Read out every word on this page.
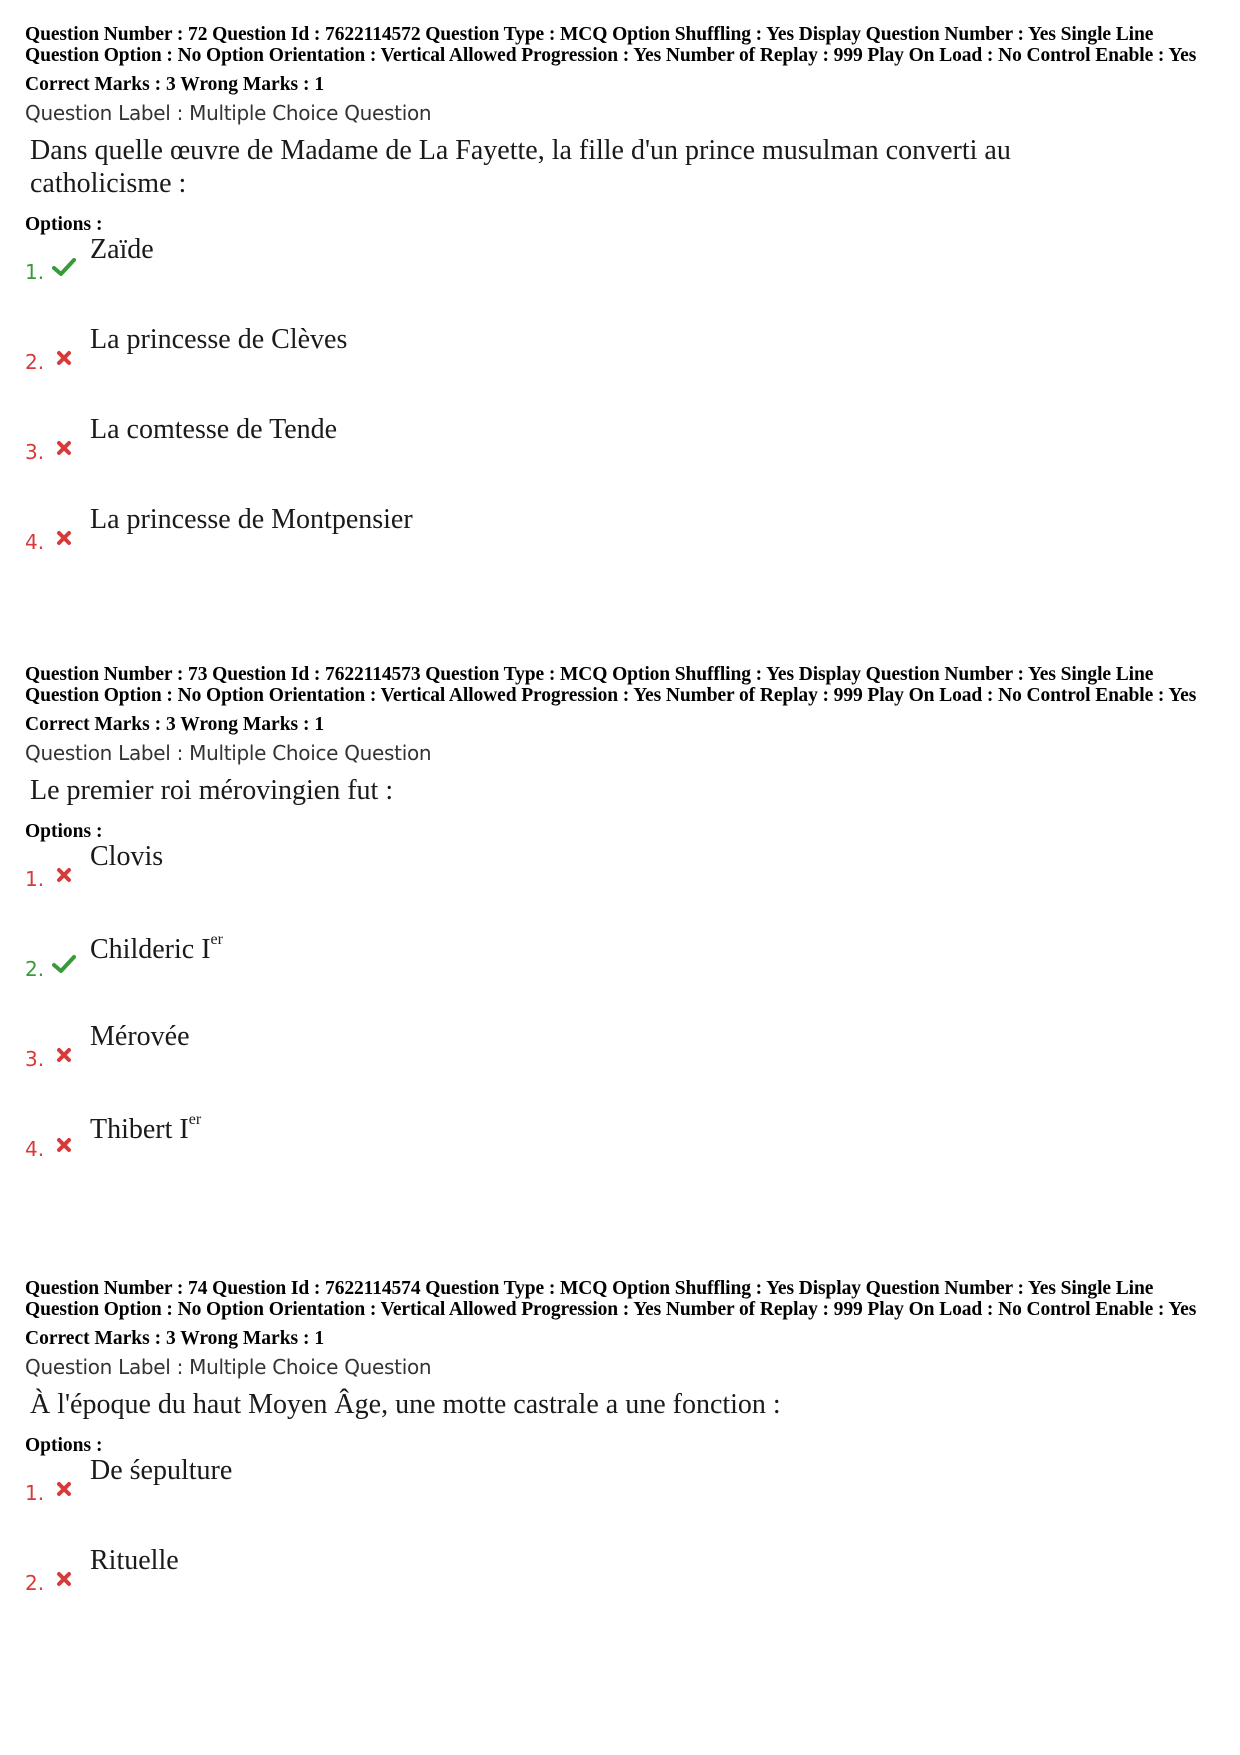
Question Number : 72 Question Id : 7622114572 Question Type : MCQ Option Shuffling : Yes Display Question Number : Yes Single Line Question Option : No Option Orientation : Vertical Allowed Progression : Yes Number of Replay : 999 Play On Load : No Control Enable : Yes

Correct Marks : 3 Wrong Marks : 1
Question Label : Multiple Choice Question
Dans quelle œuvre de Madame de La Fayette, la fille d'un prince musulman converti au catholicisme :
Options :
1.
Zaïde
2.
La princesse de Clèves
3.
La comtesse de Tende
4.
La princesse de Montpensier

Question Number : 73 Question Id : 7622114573 Question Type : MCQ Option Shuffling : Yes Display Question Number : Yes Single Line Question Option : No Option Orientation : Vertical Allowed Progression : Yes Number of Replay : 999 Play On Load : No Control Enable : Yes

Correct Marks : 3 Wrong Marks : 1
Question Label : Multiple Choice Question
Le premier roi mérovingien fut :
Options :
1.
Clovis
2.
Childeric Ier
3.
Mérovée
4.
Thibert Ier

Question Number : 74 Question Id : 7622114574 Question Type : MCQ Option Shuffling : Yes Display Question Number : Yes Single Line Question Option : No Option Orientation : Vertical Allowed Progression : Yes Number of Replay : 999 Play On Load : No Control Enable : Yes

Correct Marks : 3 Wrong Marks : 1
Question Label : Multiple Choice Question
À l'époque du haut Moyen Âge, une motte castrale a une fonction :
Options :
1.
De śepulture
2.
Rituelle
